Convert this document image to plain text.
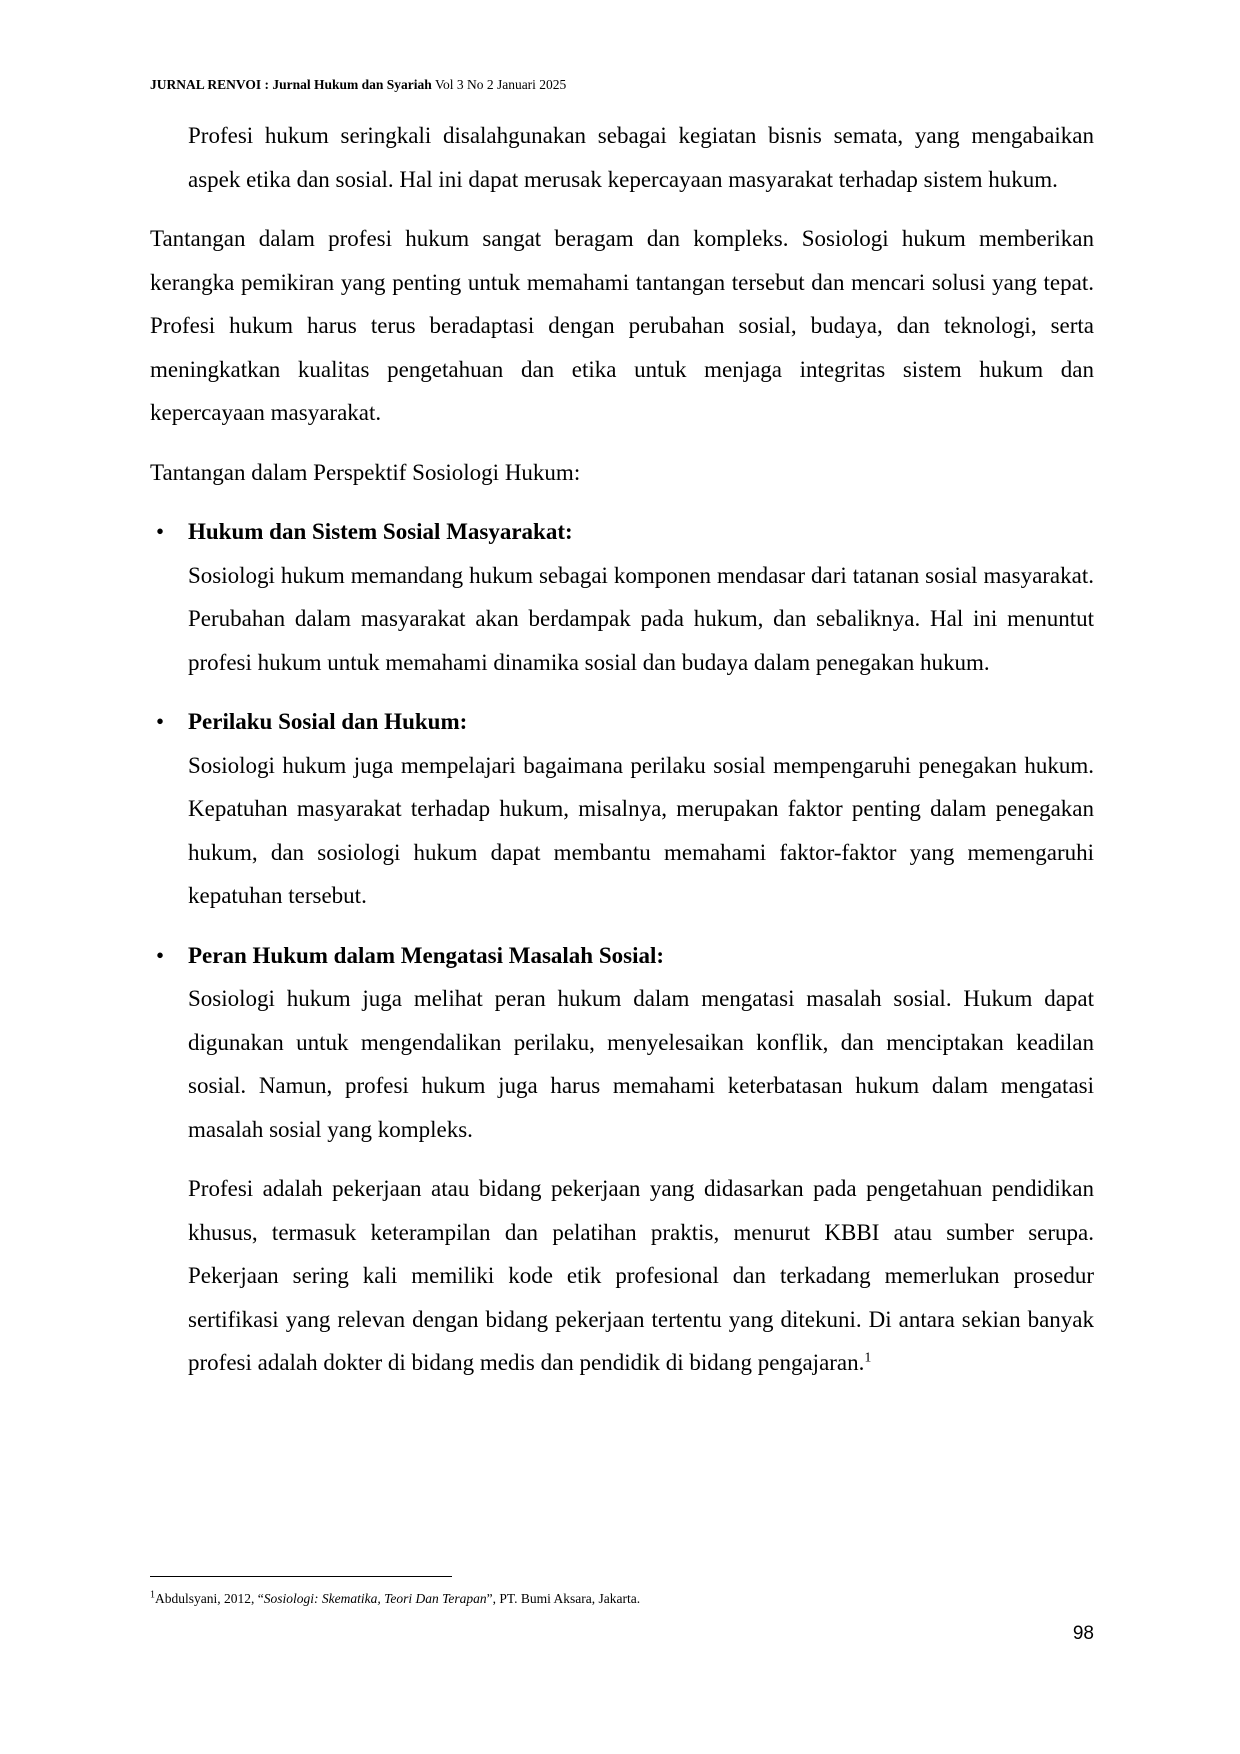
JURNAL RENVOI : Jurnal Hukum dan Syariah Vol 3 No 2 Januari 2025

Profesi hukum seringkali disalahgunakan sebagai kegiatan bisnis semata, yang mengabaikan aspek etika dan sosial. Hal ini dapat merusak kepercayaan masyarakat terhadap sistem hukum.

Tantangan dalam profesi hukum sangat beragam dan kompleks. Sosiologi hukum memberikan kerangka pemikiran yang penting untuk memahami tantangan tersebut dan mencari solusi yang tepat. Profesi hukum harus terus beradaptasi dengan perubahan sosial, budaya, dan teknologi, serta meningkatkan kualitas pengetahuan dan etika untuk menjaga integritas sistem hukum dan kepercayaan masyarakat.

Tantangan dalam Perspektif Sosiologi Hukum:

• Hukum dan Sistem Sosial Masyarakat:

Sosiologi hukum memandang hukum sebagai komponen mendasar dari tatanan sosial masyarakat. Perubahan dalam masyarakat akan berdampak pada hukum, dan sebaliknya. Hal ini menuntut profesi hukum untuk memahami dinamika sosial dan budaya dalam penegakan hukum.

• Perilaku Sosial dan Hukum:

Sosiologi hukum juga mempelajari bagaimana perilaku sosial mempengaruhi penegakan hukum. Kepatuhan masyarakat terhadap hukum, misalnya, merupakan faktor penting dalam penegakan hukum, dan sosiologi hukum dapat membantu memahami faktor-faktor yang memengaruhi kepatuhan tersebut.

• Peran Hukum dalam Mengatasi Masalah Sosial:

Sosiologi hukum juga melihat peran hukum dalam mengatasi masalah sosial. Hukum dapat digunakan untuk mengendalikan perilaku, menyelesaikan konflik, dan menciptakan keadilan sosial. Namun, profesi hukum juga harus memahami keterbatasan hukum dalam mengatasi masalah sosial yang kompleks.

Profesi adalah pekerjaan atau bidang pekerjaan yang didasarkan pada pengetahuan pendidikan khusus, termasuk keterampilan dan pelatihan praktis, menurut KBBI atau sumber serupa. Pekerjaan sering kali memiliki kode etik profesional dan terkadang memerlukan prosedur sertifikasi yang relevan dengan bidang pekerjaan tertentu yang ditekuni. Di antara sekian banyak profesi adalah dokter di bidang medis dan pendidik di bidang pengajaran.$^1$

$^1$Abdulsyani, 2012, “Sosiologi: Skematika, Teori Dan Terapan”, PT. Bumi Aksara, Jakarta.
98
